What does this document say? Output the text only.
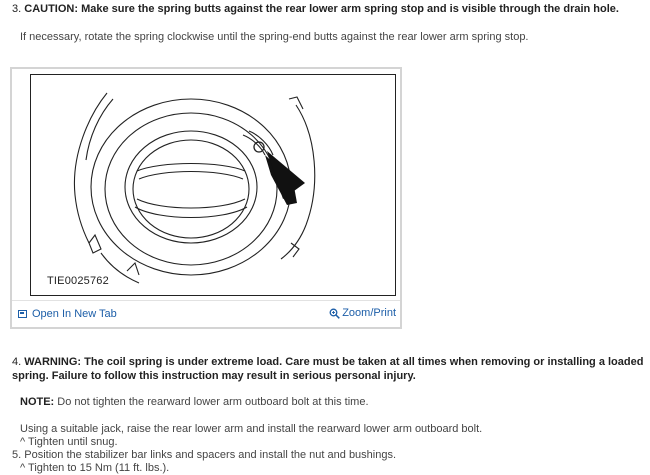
3. CAUTION: Make sure the spring butts against the rear lower arm spring stop and is visible through the drain hole.
If necessary, rotate the spring clockwise until the spring-end butts against the rear lower arm spring stop.
TIE0025762
Open In New Tab	Zoom/Print
4. WARNING: The coil spring is under extreme load. Care must be taken at all times when removing or installing a loaded spring. Failure to follow this instruction may result in serious personal injury.
NOTE: Do not tighten the rearward lower arm outboard bolt at this time.
Using a suitable jack, raise the rear lower arm and install the rearward lower arm outboard bolt.
^ Tighten until snug.
5. Position the stabilizer bar links and spacers and install the nut and bushings.
^ Tighten to 15 Nm (11 ft. lbs.).
